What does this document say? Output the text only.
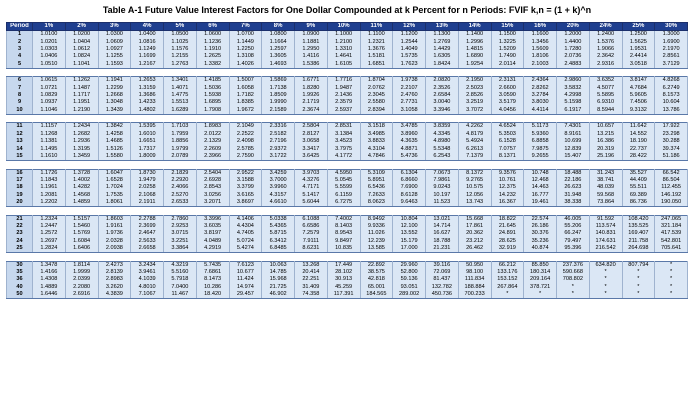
Table A-1 Future Value Interest Factors for One Dollar Compounded at k Percent for n Periods: FVIF k,n = (1 + k)^n
Period	1%	2%	3%	4%	5%	6%	7%	8%	9%	10%	11%	12%	13%	14%	15%	16%	20%	24%	25%	30%
1	1.0100	1.0200	1.0300	1.0400	1.0500	1.0600	1.0700	1.0800	1.0900	1.1000	1.1100	1.1200	1.1300	1.1400	1.1500	1.1600	1.2000	1.2400	1.2500	1.3000
2	1.0201	1.0404	1.0609	1.0816	1.1025	1.1236	1.1449	1.1664	1.1881	1.2100	1.2321	1.2544	1.2769	1.2996	1.3225	1.3456	1.4400	1.5376	1.5625	1.6900
3	1.0303	1.0612	1.0927	1.1249	1.1576	1.1910	1.2250	1.2597	1.2950	1.3310	1.3676	1.4049	1.4429	1.4815	1.5209	1.5609	1.7280	1.9066	1.9531	2.1970
4	1.0406	1.0824	1.1255	1.1699	1.2155	1.2625	1.3108	1.3605	1.4116	1.4641	1.5181	1.5735	1.6305	1.6890	1.7490	1.8106	2.0736	2.3642	2.4414	2.8561
5	1.0510	1.1041	1.1593	1.2167	1.2763	1.3382	1.4026	1.4693	1.5386	1.6105	1.6851	1.7623	1.8424	1.9254	2.0114	2.1003	2.4883	2.9316	3.0518	3.7129

6	1.0615	1.1262	1.1941	1.2653	1.3401	1.4185	1.5007	1.5869	1.6771	1.7716	1.8704	1.9738	2.0820	2.1950	2.3131	2.4364	2.9860	3.6352	3.8147	4.8268
7	1.0721	1.1487	1.2299	1.3159	1.4071	1.5036	1.6058	1.7138	1.8280	1.9487	2.0762	2.2107	2.3526	2.5023	2.6600	2.8262	3.5832	4.5077	4.7684	6.2749
8	1.0829	1.1717	1.2668	1.3686	1.4775	1.5938	1.7182	1.8509	1.9926	2.1436	2.3045	2.4760	2.6584	2.8526	3.0590	3.2784	4.2998	5.5895	5.9605	8.1573
9	1.0937	1.1951	1.3048	1.4233	1.5513	1.6895	1.8385	1.9990	2.1719	2.3579	2.5580	2.7731	3.0040	3.2519	3.5179	3.8030	5.1598	6.9310	7.4506	10.604
10	1.1046	1.2190	1.3439	1.4802	1.6289	1.7908	1.9672	2.1589	2.3674	2.5937	2.8394	3.1058	3.3946	3.7072	4.0456	4.4114	6.1917	8.5944	9.3132	13.786

11	1.1157	1.2434	1.3842	1.5395	1.7103	1.8983	2.1049	2.3316	2.5804	2.8531	3.1518	3.4785	3.8359	4.2262	4.6524	5.1173	7.4301	10.657	11.642	17.922
12	1.1268	1.2682	1.4258	1.6010	1.7959	2.0122	2.2522	2.5182	2.8127	3.1384	3.4985	3.8960	4.3345	4.8179	5.3503	5.9360	8.9161	13.215	14.552	23.298
13	1.1381	1.2936	1.4685	1.6651	1.8856	2.1329	2.4098	2.7196	3.0658	3.4523	3.8833	4.3635	4.8980	5.4924	6.1528	6.8858	10.699	16.386	18.190	30.288
14	1.1495	1.3195	1.5126	1.7317	1.9799	2.2609	2.5785	2.9372	3.3417	3.7975	4.3104	4.8871	5.5348	6.2613	7.0757	7.9875	12.839	20.319	22.737	39.374
15	1.1610	1.3459	1.5580	1.8009	2.0789	2.3966	2.7590	3.1722	3.6425	4.1772	4.7846	5.4736	6.2543	7.1379	8.1371	9.2655	15.407	25.196	28.422	51.186

16	1.1726	1.3728	1.6047	1.8730	2.1829	2.5404	2.9522	3.4259	3.9703	4.5950	5.3109	6.1304	7.0673	8.1372	9.3576	10.748	18.488	31.243	35.527	66.542
17	1.1843	1.4002	1.6528	1.9479	2.2920	2.6928	3.1588	3.7000	4.3276	5.0545	5.8951	6.8660	7.9861	9.2765	10.761	12.468	22.186	38.741	44.409	86.504
18	1.1961	1.4282	1.7024	2.0258	2.4066	2.8543	3.3799	3.9960	4.7171	5.5599	6.5436	7.6900	9.0243	10.575	12.375	14.463	26.623	48.039	55.511	112.455
19	1.2081	1.4568	1.7535	2.1068	2.5270	3.0256	3.6165	4.3157	5.1417	6.1159	7.2633	8.6128	10.197	12.056	14.232	16.777	31.948	59.568	69.389	146.192
20	1.2202	1.4859	1.8061	2.1911	2.6533	3.2071	3.8697	4.6610	5.6044	6.7275	8.0623	9.6463	11.523	13.743	16.367	19.461	38.338	73.864	86.736	190.050

21	1.2324	1.5157	1.8603	2.2788	2.7860	3.3996	4.1406	5.0338	6.1088	7.4002	8.9492	10.804	13.021	15.668	18.822	22.574	46.005	91.592	108.420	247.065
22	1.2447	1.5460	1.9161	2.3699	2.9253	3.6035	4.4304	5.4365	6.6586	8.1403	9.9336	12.100	14.714	17.861	21.645	26.186	55.206	113.574	135.525	321.184
23	1.2572	1.5769	1.9736	2.4647	3.0715	3.8197	4.7405	5.8715	7.2579	8.9543	11.026	13.552	16.627	20.362	24.891	30.376	66.247	140.831	169.407	417.539
24	1.2697	1.6084	2.0328	2.5633	3.2251	4.0489	5.0724	6.3412	7.9111	9.8497	12.239	15.179	18.788	23.212	28.625	35.236	79.497	174.631	211.758	542.801
25	1.2824	1.6406	2.0938	2.6658	3.3864	4.2919	5.4274	6.8485	8.6231	10.835	13.585	17.000	21.231	26.462	32.919	40.874	95.396	216.542	264.698	705.641

30	1.3478	1.8114	2.4273	3.2434	4.3219	5.7435	7.6123	10.063	13.268	17.449	22.892	29.960	39.116	50.950	66.212	85.850	237.376	634.820	807.794	*
35	1.4166	1.9999	2.8139	3.9461	5.5160	7.6861	10.677	14.785	20.414	28.102	38.575	52.800	72.069	98.100	133.176	180.314	590.668	*	*	*
36	1.4308	2.0399	2.8983	4.1039	5.7918	8.1473	11.424	15.968	22.251	30.913	42.818	59.136	81.437	111.834	153.152	209.164	708.802	*	*	*
40	1.4889	2.2080	3.2620	4.8010	7.0400	10.286	14.974	21.725	31.409	45.259	65.001	93.051	132.782	188.884	267.864	378.721	*	*	*	*
50	1.6446	2.6916	4.3839	7.1067	11.467	18.420	29.457	46.902	74.358	117.391	184.565	289.002	450.736	700.233	*	*	*	*	*	*
